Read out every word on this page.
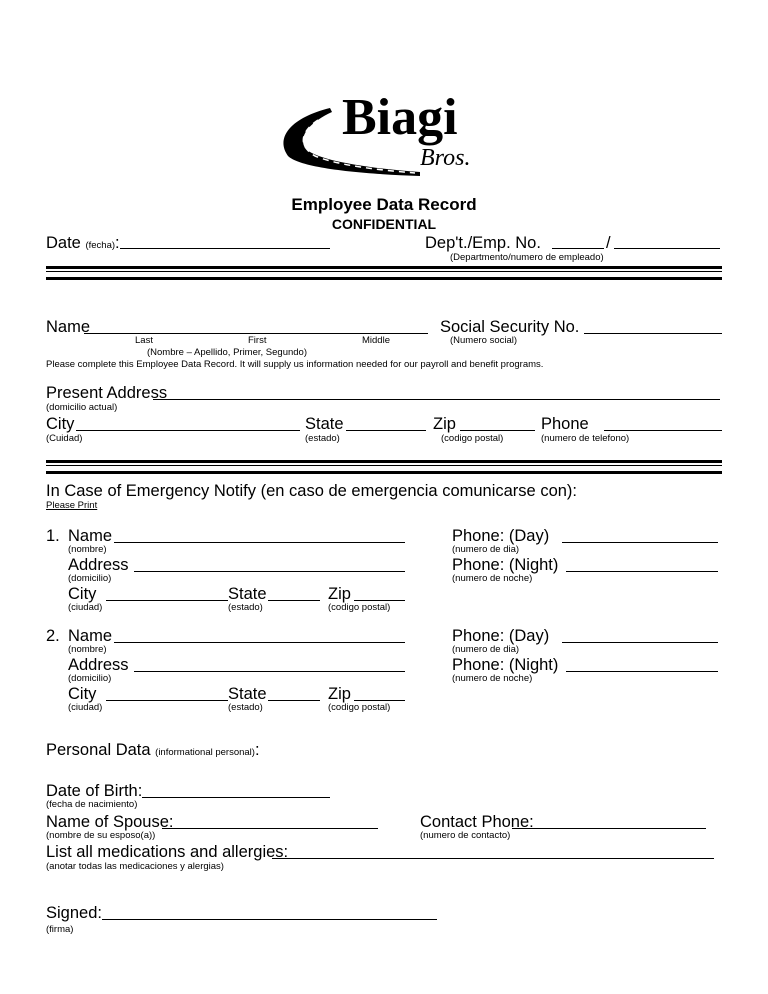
Biagi
Bros.
Employee Data Record
CONFIDENTIAL
Date (fecha):	Dep't./Emp. No.	/
(Departmento/numero de empleado)
Name	Social Security No.
Last	First	Middle	(Numero social)
(Nombre – Apellido, Primer, Segundo)
Please complete this Employee Data Record. It will supply us information needed for our payroll and benefit programs.
Present Address
(domicilio actual)
City	State	Zip	Phone
(Cuidad)	(estado)	(codigo postal)	(numero de telefono)
In Case of Emergency Notify (en caso de emergencia comunicarse con):
Please Print
1. Name	Phone: (Day)
(nombre)	(numero de dia)
Address	Phone: (Night)
(domicilio)	(numero de noche)
City	State	Zip
(ciudad)	(estado)	(codigo postal)
2. Name	Phone: (Day)
(nombre)	(numero de dia)
Address	Phone: (Night)
(domicilio)	(numero de noche)
City	State	Zip
(ciudad)	(estado)	(codigo postal)
Personal Data (informational personal):
Date of Birth:
(fecha de nacimiento)
Name of Spouse:	Contact Phone:
(nombre de su esposo(a))	(numero de contacto)
List all medications and allergies:
(anotar todas las medicaciones y alergias)
Signed:
(firma)
